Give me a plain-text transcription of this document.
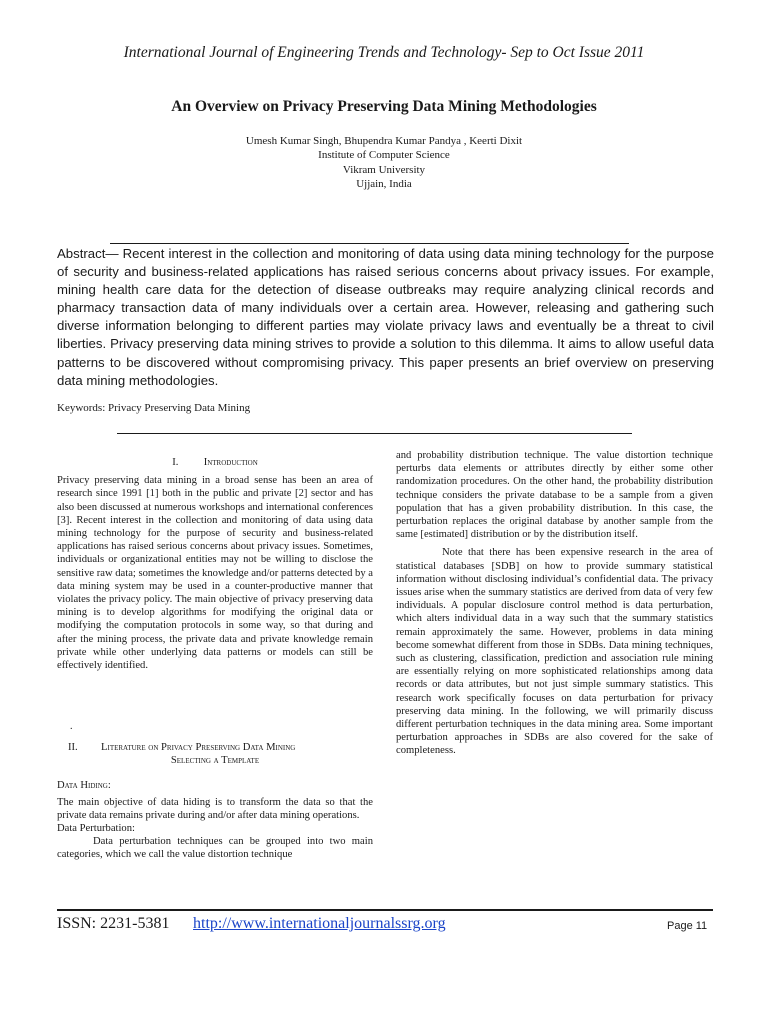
International Journal of Engineering Trends and Technology- Sep to Oct Issue 2011
An Overview on Privacy Preserving Data Mining Methodologies
Umesh Kumar Singh, Bhupendra Kumar Pandya , Keerti Dixit
Institute of Computer Science
Vikram University
Ujjain, India
Abstract— Recent interest in the collection and monitoring of data using data mining technology for the purpose of security and business-related applications has raised serious concerns about privacy issues. For example, mining health care data for the detection of disease outbreaks may require analyzing clinical records and pharmacy transaction data of many individuals over a certain area. However, releasing and gathering such diverse information belonging to different parties may violate privacy laws and eventually be a threat to civil liberties. Privacy preserving data mining strives to provide a solution to this dilemma. It aims to allow useful data patterns to be discovered without compromising privacy. This paper presents an brief overview on preserving data mining methodologies.
Keywords: Privacy Preserving Data Mining
I. Introduction

Privacy preserving data mining in a broad sense has been an area of research since 1991 [1] both in the public and private [2] sector and has also been discussed at numerous workshops and international conferences [3]. Recent interest in the collection and monitoring of data using data mining technology for the purpose of security and business-related applications has raised serious concerns about privacy issues. Sometimes, individuals or organizational entities may not be willing to disclose the sensitive raw data; sometimes the knowledge and/or patterns detected by a data mining system may be used in a counter-productive manner that violates the privacy policy. The main objective of privacy preserving data mining is to develop algorithms for modifying the original data or modifying the computation protocols in some way, so that during and after the mining process, the private data and private knowledge remain private while other underlying data patterns or models can still be effectively identified.

.
II. Literature on Privacy Preserving Data Mining
Selecting a Template
Data Hiding:

The main objective of data hiding is to transform the data so that the private data remains private during and/or after data mining operations.

Data Perturbation:

Data perturbation techniques can be grouped into two main categories, which we call the value distortion technique

and probability distribution technique. The value distortion technique perturbs data elements or attributes directly by either some other randomization procedures. On the other hand, the probability distribution technique considers the private database to be a sample from a given population that has a given probability distribution. In this case, the perturbation replaces the original database by another sample from the same [estimated] distribution or by the distribution itself.

Note that there has been expensive research in the area of statistical databases [SDB] on how to provide summary statistical information without disclosing individual’s confidential data. The privacy issues arise when the summary statistics are derived from data of very few individuals. A popular disclosure control method is data perturbation, which alters individual data in a way such that the summary statistics remain approximately the same. However, problems in data mining become somewhat different from those in SDBs. Data mining techniques, such as clustering, classification, prediction and association rule mining are essentially relying on more sophisticated relationships among data records or data attributes, but not just simple summary statistics. This research work specifically focuses on data perturbation for privacy preserving data mining. In the following, we will primarily discuss different perturbation techniques in the data mining area. Some important perturbation approaches in SDBs are also covered for the sake of completeness.

ISSN: 2231-5381 http://www.internationaljournalssrg.org	Page 11
